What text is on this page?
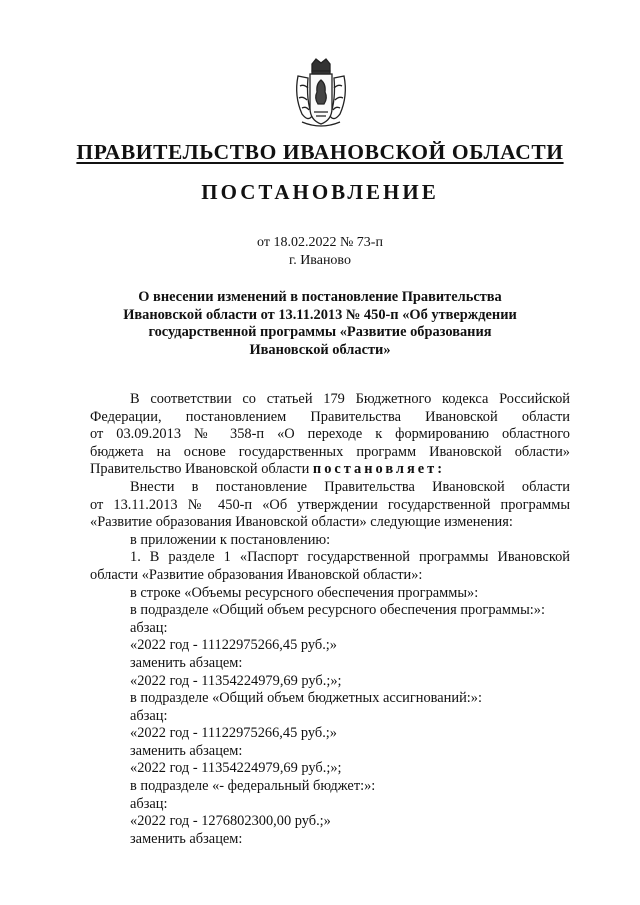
ПРАВИТЕЛЬСТВО ИВАНОВСКОЙ ОБЛАСТИ
ПОСТАНОВЛЕНИЕ
от 18.02.2022 № 73-п
г. Иваново
О внесении изменений в постановление Правительства
Ивановской области от 13.11.2013 № 450-п «Об утверждении
государственной программы «Развитие образования
Ивановской области»
В соответствии со статьей 179 Бюджетного кодекса Российской
Федерации, постановлением Правительства Ивановской области
от 03.09.2013 № 358-п «О переходе к формированию областного
бюджета на основе государственных программ Ивановской области»
Правительство Ивановской области постановляет:
Внести в постановление Правительства Ивановской области
от 13.11.2013 № 450-п «Об утверждении государственной программы
«Развитие образования Ивановской области» следующие изменения:
в приложении к постановлению:
1. В разделе 1 «Паспорт государственной программы Ивановской
области «Развитие образования Ивановской области»:
в строке «Объемы ресурсного обеспечения программы»:
в подразделе «Общий объем ресурсного обеспечения программы:»:
абзац:
«2022 год - 11122975266,45 руб.;»
заменить абзацем:
«2022 год - 11354224979,69 руб.;»;
в подразделе «Общий объем бюджетных ассигнований:»:
абзац:
«2022 год - 11122975266,45 руб.;»
заменить абзацем:
«2022 год - 11354224979,69 руб.;»;
в подразделе «- федеральный бюджет:»:
абзац:
«2022 год - 1276802300,00 руб.;»
заменить абзацем:
